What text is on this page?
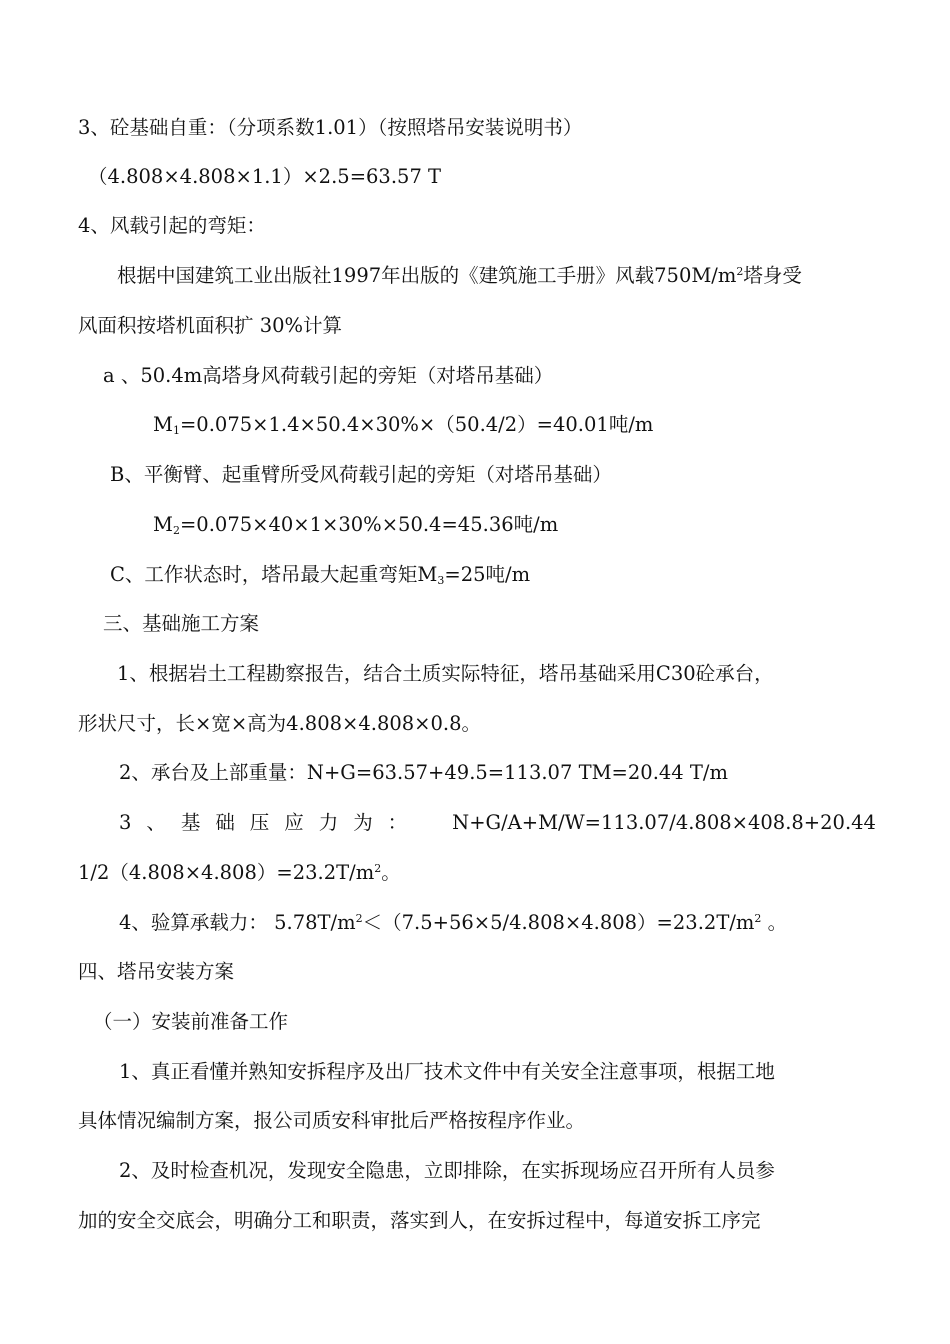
3、砼基础自重：（分项系数1.01）（按照塔吊安装说明书）
（4.808×4.808×1.1）×2.5=63.57 T
4、风载引起的弯矩：
根据中国建筑工业出版社1997年出版的《建筑施工手册》风载$750M/m^2$塔身受
风面积按塔机面积扩 30%计算
a 、50.4m高塔身风荷载引起的旁矩（对塔吊基础）
$M_1=0.075\times 1.4\times 50.4\times 30\%\times(50.4/2)=40.01$吨/m
B、平衡臂、起重臂所受风荷载引起的旁矩（对塔吊基础）
$M_2=0.075\times 40\times 1\times 30\%\times 50.4=45.36$吨/m
C、工作状态时，塔吊最大起重弯矩$M_3=25$吨/m
三、基础施工方案
1、根据岩土工程勘察报告，结合土质实际特征，塔吊基础采用C30砼承台，
形状尺寸，长×宽×高为4.808×4.808×0.8。
2、承台及上部重量：N+G=63.57+49.5=113.07 TM=20.44 T/m
3 、 基 础 压 应 力 为 ： N+G/A+M/W=113.07/4.808×408.8+20.44
$1/2(4.808\times 4.808)=23.2T/m^2$。
4、验算承载力： $5.78T/m^2<(7.5+56\times 5/4.808\times 4.808)=23.2T/m^2$ 。
四、塔吊安装方案
（一）安装前准备工作
1、真正看懂并熟知安拆程序及出厂技术文件中有关安全注意事项，根据工地
具体情况编制方案，报公司质安科审批后严格按程序作业。
2、及时检查机况，发现安全隐患，立即排除，在实拆现场应召开所有人员参
加的安全交底会，明确分工和职责，落实到人，在安拆过程中，每道安拆工序完
